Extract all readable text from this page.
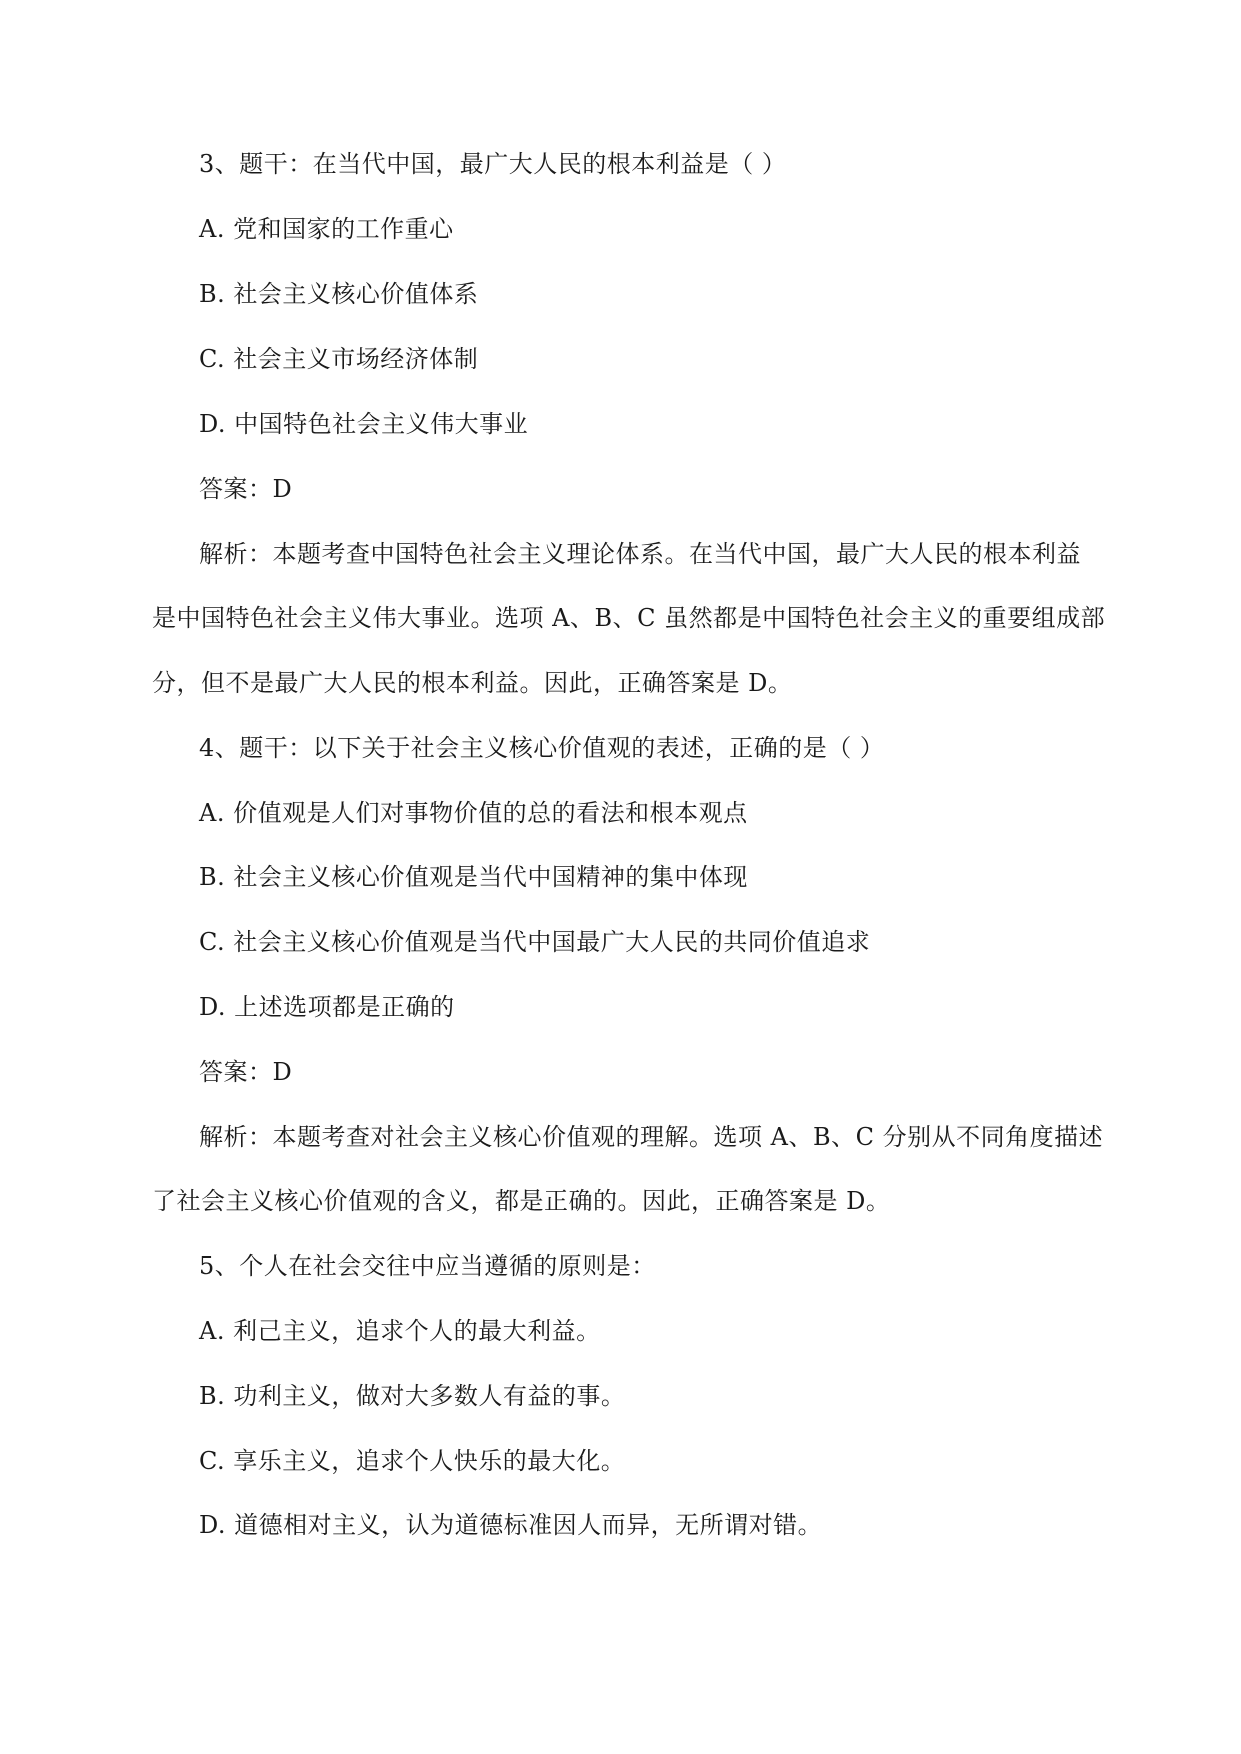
3、题干：在当代中国，最广大人民的根本利益是（ ）
A. 党和国家的工作重心
B. 社会主义核心价值体系
C. 社会主义市场经济体制
D. 中国特色社会主义伟大事业
答案：D
解析：本题考查中国特色社会主义理论体系。在当代中国，最广大人民的根本利益
是中国特色社会主义伟大事业。选项 A、B、C 虽然都是中国特色社会主义的重要组成部
分，但不是最广大人民的根本利益。因此，正确答案是 D。
4、题干：以下关于社会主义核心价值观的表述，正确的是（ ）
A. 价值观是人们对事物价值的总的看法和根本观点
B. 社会主义核心价值观是当代中国精神的集中体现
C. 社会主义核心价值观是当代中国最广大人民的共同价值追求
D. 上述选项都是正确的
答案：D
解析：本题考查对社会主义核心价值观的理解。选项 A、B、C 分别从不同角度描述
了社会主义核心价值观的含义，都是正确的。因此，正确答案是 D。
5、个人在社会交往中应当遵循的原则是：
A. 利己主义，追求个人的最大利益。
B. 功利主义，做对大多数人有益的事。
C. 享乐主义，追求个人快乐的最大化。
D. 道德相对主义，认为道德标准因人而异，无所谓对错。
